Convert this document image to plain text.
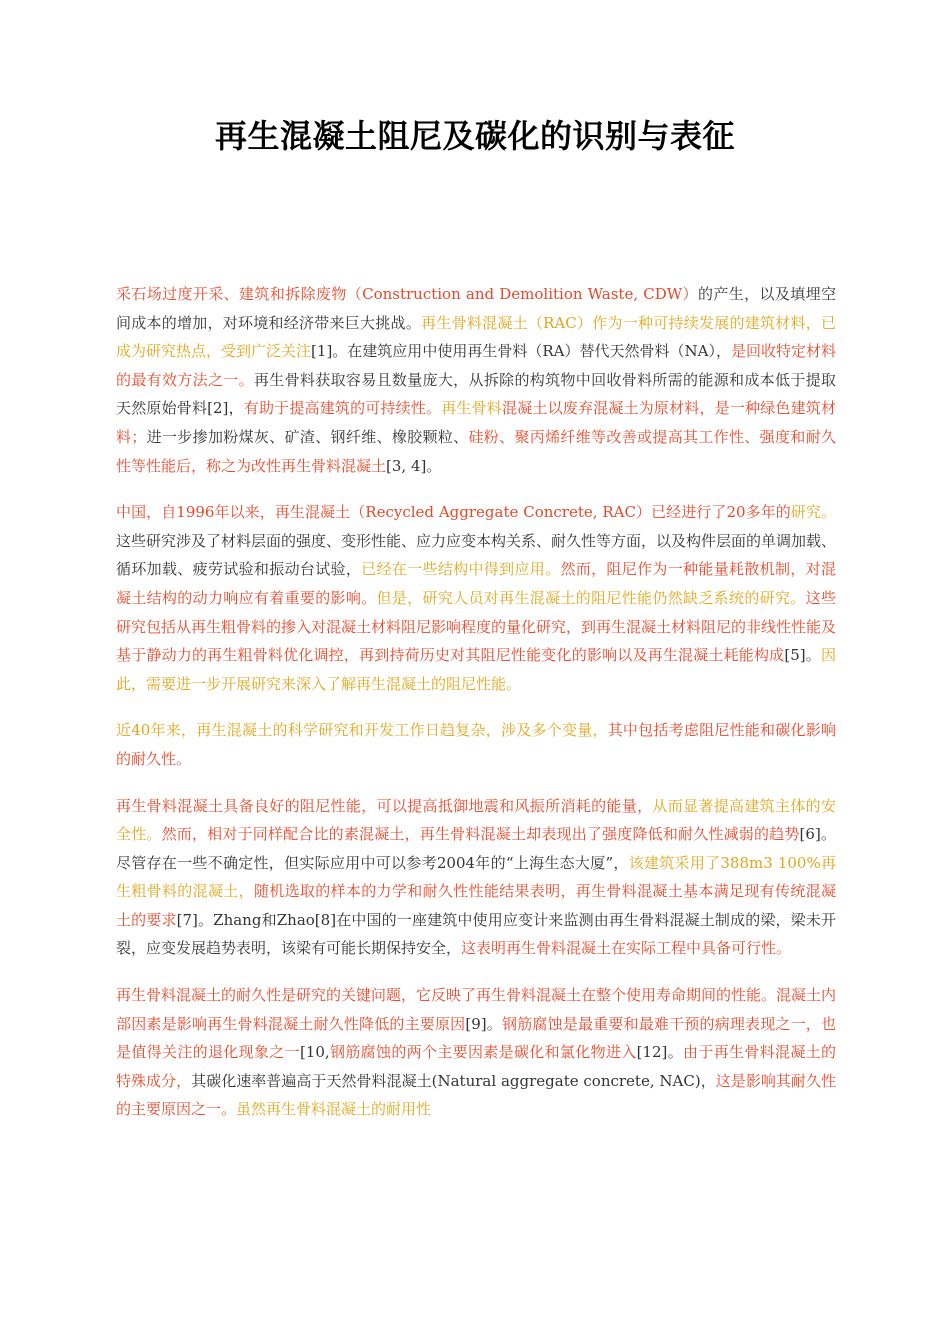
再生混凝土阻尼及碳化的识别与表征

采石场过度开采、建筑和拆除废物（Construction and Demolition Waste, CDW）的产生，以及填埋空间成本的增加，对环境和经济带来巨大挑战。再生骨料混凝土（RAC）作为一种可持续发展的建筑材料，已成为研究热点，受到广泛关注[1]。在建筑应用中使用再生骨料（RA）替代天然骨料（NA），是回收特定材料的最有效方法之一。再生骨料获取容易且数量庞大，从拆除的构筑物中回收骨料所需的能源和成本低于提取天然原始骨料[2]，有助于提高建筑的可持续性。再生骨料混凝土以废弃混凝土为原材料，是一种绿色建筑材料；进一步掺加粉煤灰、矿渣、钢纤维、橡胶颗粒、硅粉、聚丙烯纤维等改善或提高其工作性、强度和耐久性等性能后，称之为改性再生骨料混凝土[3, 4]。

中国，自1996年以来，再生混凝土（Recycled Aggregate Concrete, RAC）已经进行了20多年的研究。这些研究涉及了材料层面的强度、变形性能、应力应变本构关系、耐久性等方面，以及构件层面的单调加载、循环加载、疲劳试验和振动台试验，已经在一些结构中得到应用。然而，阻尼作为一种能量耗散机制，对混凝土结构的动力响应有着重要的影响。但是，研究人员对再生混凝土的阻尼性能仍然缺乏系统的研究。这些研究包括从再生粗骨料的掺入对混凝土材料阻尼影响程度的量化研究，到再生混凝土材料阻尼的非线性性能及基于静动力的再生粗骨料优化调控，再到持荷历史对其阻尼性能变化的影响以及再生混凝土耗能构成[5]。因此，需要进一步开展研究来深入了解再生混凝土的阻尼性能。

近40年来，再生混凝土的科学研究和开发工作日趋复杂，涉及多个变量，其中包括考虑阻尼性能和碳化影响的耐久性。

再生骨料混凝土具备良好的阻尼性能，可以提高抵御地震和风振所消耗的能量，从而显著提高建筑主体的安全性。然而，相对于同样配合比的素混凝土，再生骨料混凝土却表现出了强度降低和耐久性减弱的趋势[6]。尽管存在一些不确定性，但实际应用中可以参考2004年的“上海生态大厦”，该建筑采用了388m3 100%再生粗骨料的混凝土，随机选取的样本的力学和耐久性性能结果表明，再生骨料混凝土基本满足现有传统混凝土的要求[7]。Zhang和Zhao[8]在中国的一座建筑中使用应变计来监测由再生骨料混凝土制成的梁，梁未开裂，应变发展趋势表明，该梁有可能长期保持安全，这表明再生骨料混凝土在实际工程中具备可行性。

再生骨料混凝土的耐久性是研究的关键问题，它反映了再生骨料混凝土在整个使用寿命期间的性能。混凝土内部因素是影响再生骨料混凝土耐久性降低的主要原因[9]。钢筋腐蚀是最重要和最难干预的病理表现之一，也是值得关注的退化现象之一[10,钢筋腐蚀的两个主要因素是碳化和氯化物进入[12]。由于再生骨料混凝土的特殊成分，其碳化速率普遍高于天然骨料混凝土(Natural aggregate concrete, NAC)，这是影响其耐久性的主要原因之一。虽然再生骨料混凝土的耐用性
